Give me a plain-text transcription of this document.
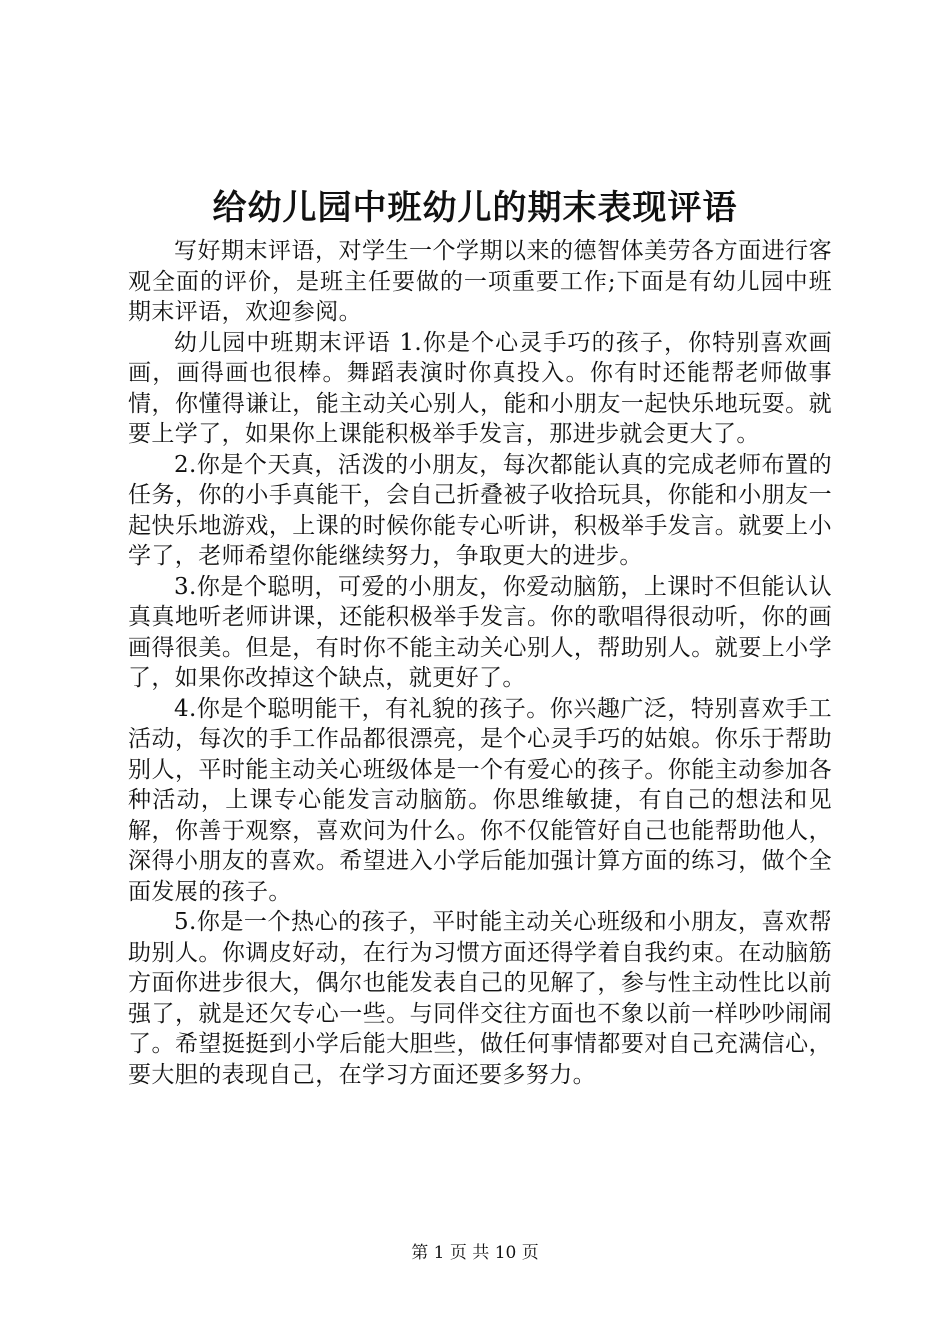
给幼儿园中班幼儿的期末表现评语

写好期末评语，对学生一个学期以来的德智体美劳各方面进行客观全面的评价，是班主任要做的一项重要工作;下面是有幼儿园中班期末评语，欢迎参阅。

幼儿园中班期末评语 1.你是个心灵手巧的孩子，你特别喜欢画画，画得画也很棒。舞蹈表演时你真投入。你有时还能帮老师做事情，你懂得谦让，能主动关心别人，能和小朋友一起快乐地玩耍。就要上学了，如果你上课能积极举手发言，那进步就会更大了。

2.你是个天真，活泼的小朋友，每次都能认真的完成老师布置的任务，你的小手真能干，会自己折叠被子收拾玩具，你能和小朋友一起快乐地游戏，上课的时候你能专心听讲，积极举手发言。就要上小学了，老师希望你能继续努力，争取更大的进步。

3.你是个聪明，可爱的小朋友，你爱动脑筋，上课时不但能认认真真地听老师讲课，还能积极举手发言。你的歌唱得很动听，你的画画得很美。但是，有时你不能主动关心别人，帮助别人。就要上小学了，如果你改掉这个缺点，就更好了。

4.你是个聪明能干，有礼貌的孩子。你兴趣广泛，特别喜欢手工活动，每次的手工作品都很漂亮，是个心灵手巧的姑娘。你乐于帮助别人，平时能主动关心班级体是一个有爱心的孩子。你能主动参加各种活动，上课专心能发言动脑筋。你思维敏捷，有自己的想法和见解，你善于观察，喜欢问为什么。你不仅能管好自己也能帮助他人，深得小朋友的喜欢。希望进入小学后能加强计算方面的练习，做个全面发展的孩子。

5.你是一个热心的孩子，平时能主动关心班级和小朋友，喜欢帮助别人。你调皮好动，在行为习惯方面还得学着自我约束。在动脑筋方面你进步很大，偶尔也能发表自己的见解了，参与性主动性比以前强了，就是还欠专心一些。与同伴交往方面也不象以前一样吵吵闹闹了。希望挺挺到小学后能大胆些，做任何事情都要对自己充满信心，要大胆的表现自己，在学习方面还要多努力。

第 1 页 共 10 页
